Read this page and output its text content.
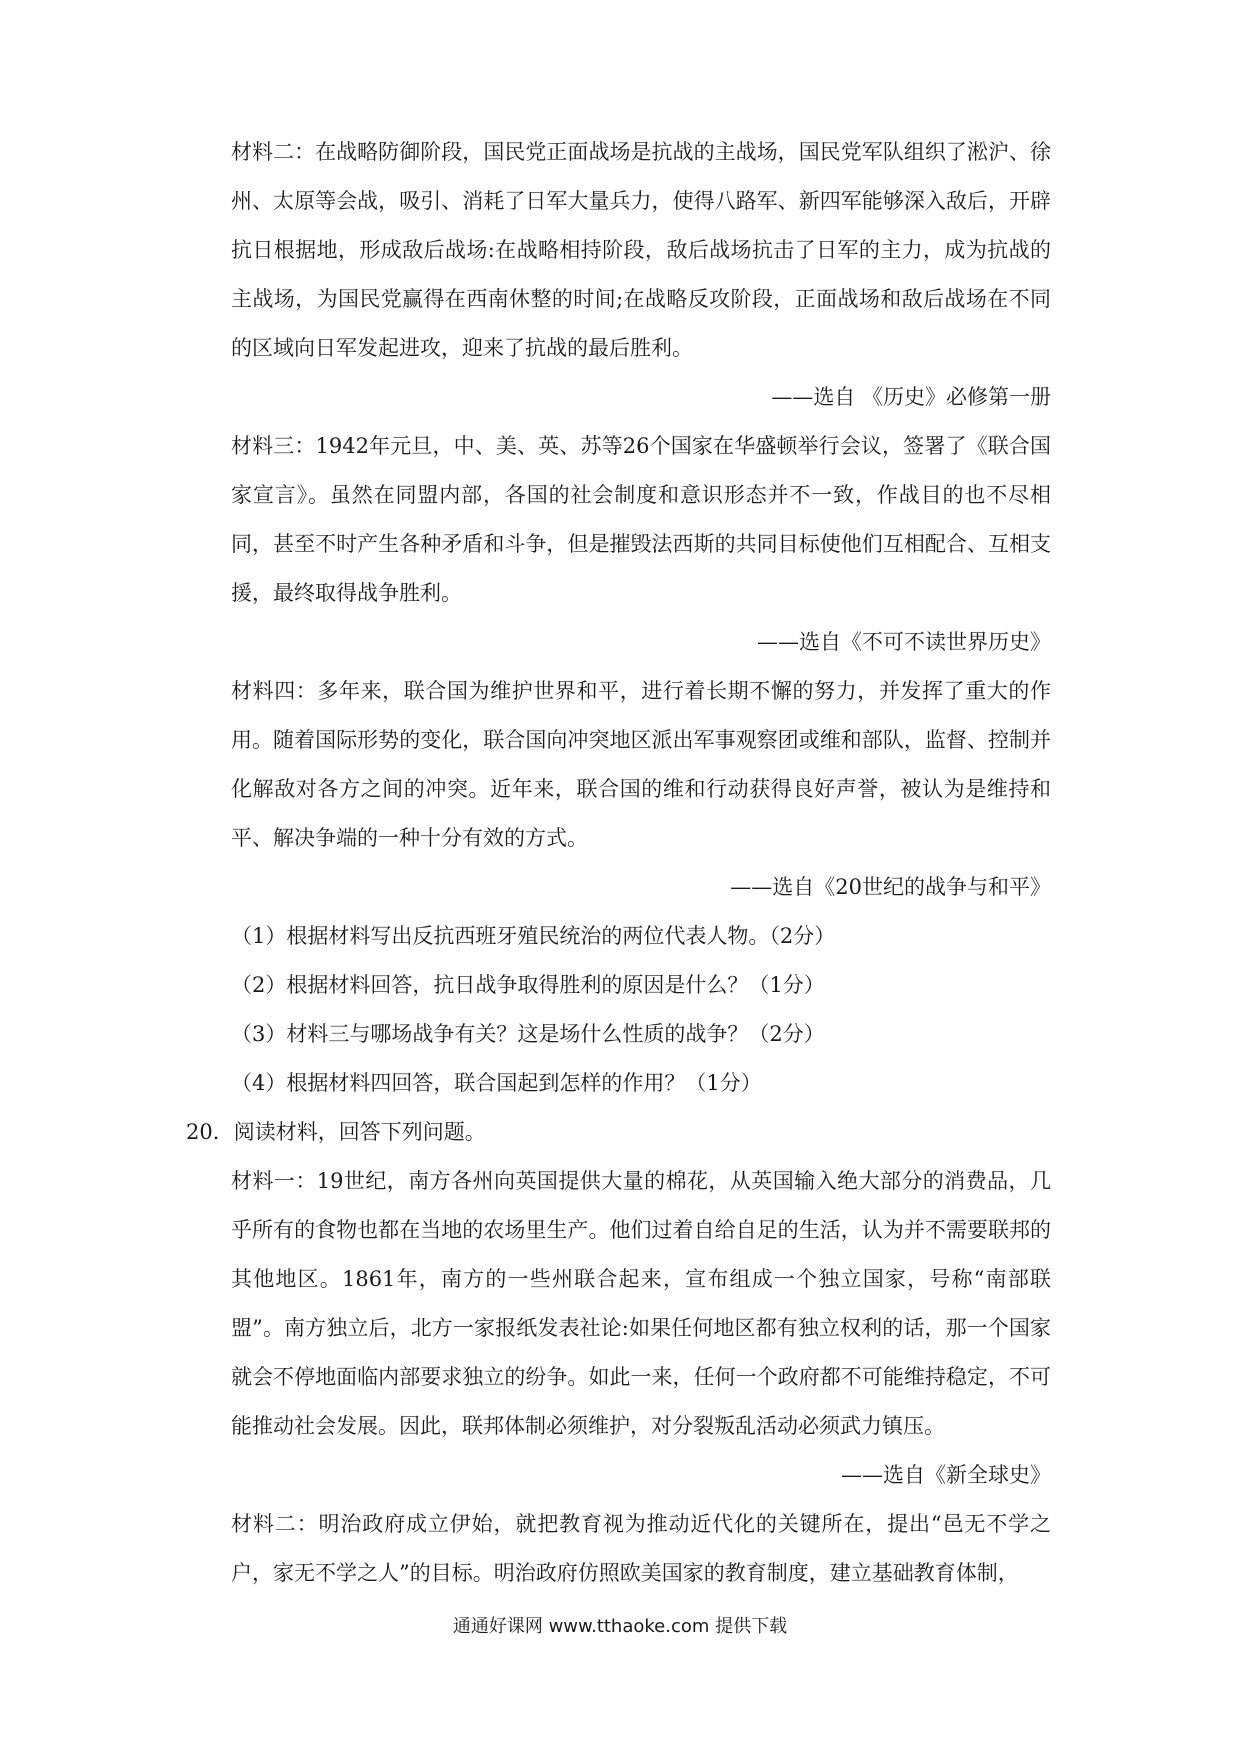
材料二：在战略防御阶段，国民党正面战场是抗战的主战场，国民党军队组织了淞沪、徐州、太原等会战，吸引、消耗了日军大量兵力，使得八路军、新四军能够深入敌后，开辟抗日根据地，形成敌后战场:在战略相持阶段，敌后战场抗击了日军的主力，成为抗战的主战场，为国民党赢得在西南休整的时间;在战略反攻阶段，正面战场和敌后战场在不同的区域向日军发起进攻，迎来了抗战的最后胜利。

——选自 《历史》必修第一册

材料三：1942年元旦，中、美、英、苏等26个国家在华盛顿举行会议，签署了《联合国家宣言》。虽然在同盟内部，各国的社会制度和意识形态并不一致，作战目的也不尽相同，甚至不时产生各种矛盾和斗争，但是摧毁法西斯的共同目标使他们互相配合、互相支援，最终取得战争胜利。

——选自《不可不读世界历史》

材料四：多年来，联合国为维护世界和平，进行着长期不懈的努力，并发挥了重大的作用。随着国际形势的变化，联合国向冲突地区派出军事观察团或维和部队，监督、控制并化解敌对各方之间的冲突。近年来，联合国的维和行动获得良好声誉，被认为是维持和平、解决争端的一种十分有效的方式。

——选自《20世纪的战争与和平》

（1）根据材料写出反抗西班牙殖民统治的两位代表人物。（2分）

（2）根据材料回答，抗日战争取得胜利的原因是什么？（1分）

（3）材料三与哪场战争有关？这是场什么性质的战争？（2分）

（4）根据材料四回答，联合国起到怎样的作用？（1分）

20．阅读材料，回答下列问题。

材料一：19世纪，南方各州向英国提供大量的棉花，从英国输入绝大部分的消费品，几乎所有的食物也都在当地的农场里生产。他们过着自给自足的生活，认为并不需要联邦的其他地区。1861年，南方的一些州联合起来，宣布组成一个独立国家，号称“南部联盟”。南方独立后，北方一家报纸发表社论:如果任何地区都有独立权利的话，那一个国家就会不停地面临内部要求独立的纷争。如此一来，任何一个政府都不可能维持稳定，不可能推动社会发展。因此，联邦体制必须维护，对分裂叛乱活动必须武力镇压。

——选自《新全球史》

材料二：明治政府成立伊始，就把教育视为推动近代化的关键所在，提出“邑无不学之户，家无不学之人”的目标。明治政府仿照欧美国家的教育制度，建立基础教育体制，

通通好课网 www.tthaoke.com 提供下载
